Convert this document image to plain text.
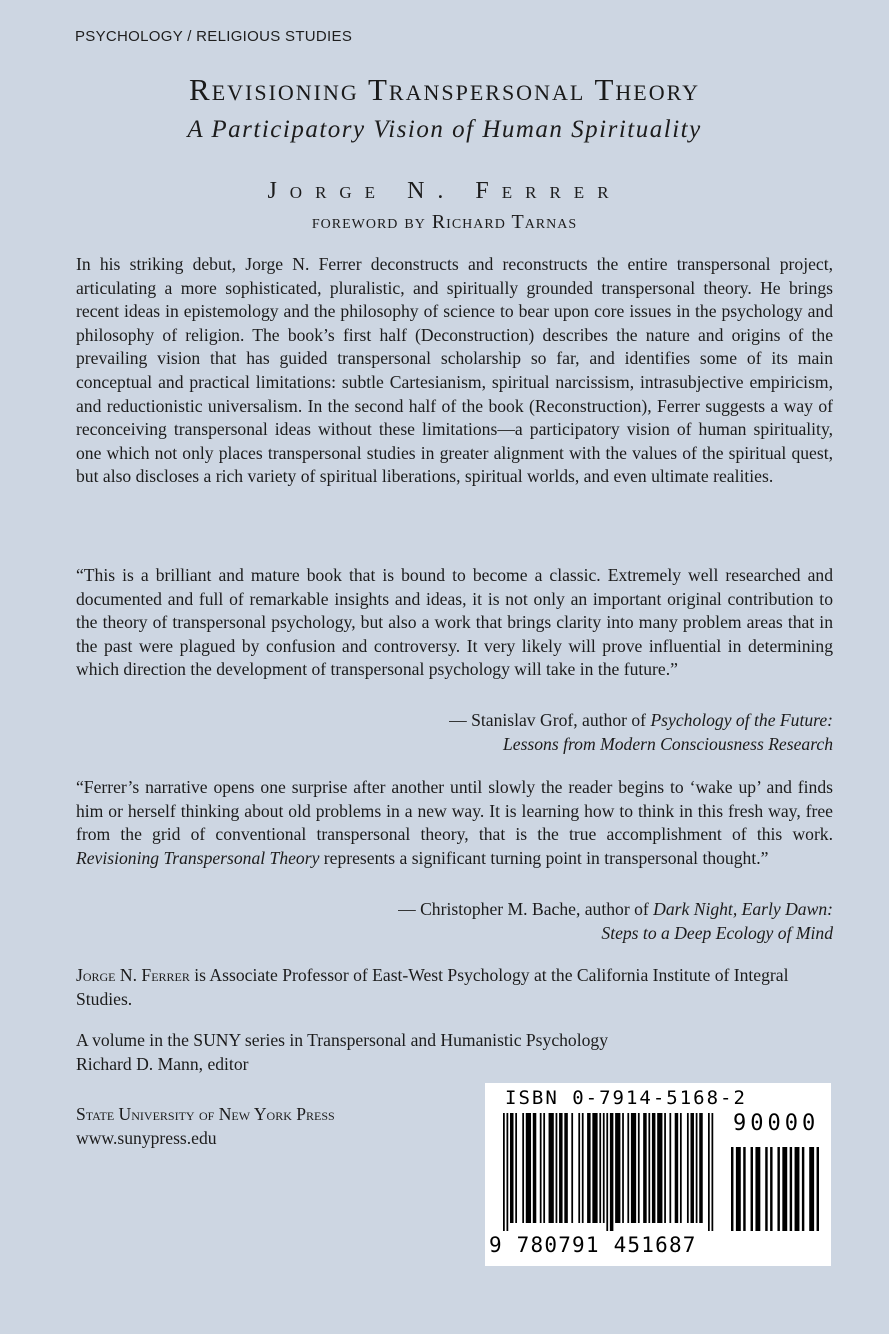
PSYCHOLOGY / RELIGIOUS STUDIES
Revisioning Transpersonal Theory
A Participatory Vision of Human Spirituality
Jorge N. Ferrer
foreword by Richard Tarnas

In his striking debut, Jorge N. Ferrer deconstructs and reconstructs the entire transpersonal project, articulating a more sophisticated, pluralistic, and spiritually grounded transpersonal theory. He brings recent ideas in epistemology and the philosophy of science to bear upon core issues in the psychology and philosophy of religion. The book’s first half (Deconstruction) describes the nature and origins of the prevailing vision that has guided transpersonal scholarship so far, and identifies some of its main conceptual and practical limitations: subtle Cartesianism, spiritual narcissism, intrasubjective empiricism, and reductionistic universalism. In the second half of the book (Reconstruction), Ferrer suggests a way of reconceiving transpersonal ideas without these limitations—a participatory vision of human spirituality, one which not only places transpersonal studies in greater alignment with the values of the spiritual quest, but also discloses a rich variety of spiritual liberations, spiritual worlds, and even ultimate realities.

“This is a brilliant and mature book that is bound to become a classic. Extremely well researched and documented and full of remarkable insights and ideas, it is not only an important original contribution to the theory of transpersonal psychology, but also a work that brings clarity into many problem areas that in the past were plagued by confusion and controversy. It very likely will prove influential in determining which direction the development of transpersonal psychology will take in the future.”

— Stanislav Grof, author of Psychology of the Future:
Lessons from Modern Consciousness Research

“Ferrer’s narrative opens one surprise after another until slowly the reader begins to ‘wake up’ and finds him or herself thinking about old problems in a new way. It is learning how to think in this fresh way, free from the grid of conventional transpersonal theory, that is the true accomplishment of this work. Revisioning Transpersonal Theory represents a significant turning point in transpersonal thought.”

— Christopher M. Bache, author of Dark Night, Early Dawn:
Steps to a Deep Ecology of Mind

Jorge N. Ferrer is Associate Professor of East-West Psychology at the California Institute of Integral Studies.

A volume in the SUNY series in Transpersonal and Humanistic Psychology
Richard D. Mann, editor

State University of New York Press
www.sunypress.edu

ISBN 0-7914-5168-2
90000
9 780791 451687
